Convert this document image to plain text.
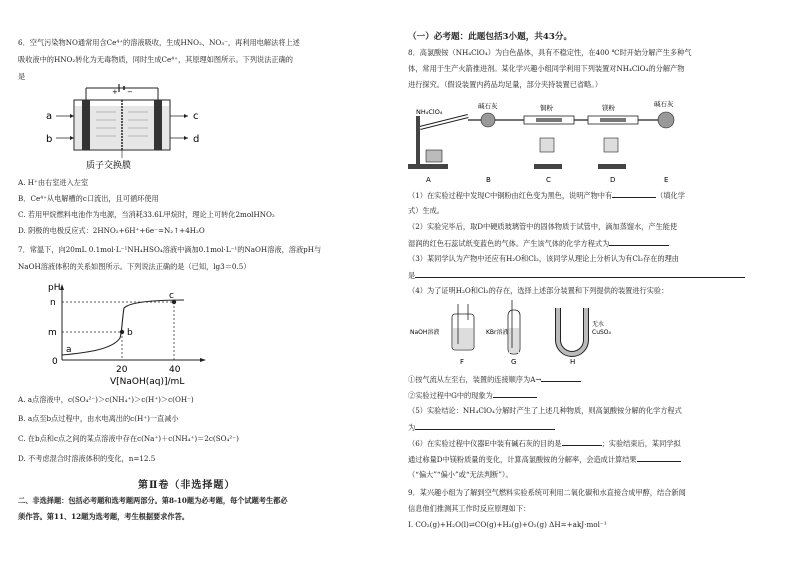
6．空气污染物NO通常用含Ce⁴⁺的溶液吸收，生成HNO₂、NO₃⁻，再利用电解法将上述
吸收液中的HNO₂转化为无毒物质，同时生成Ce⁴⁺，其原理如图所示。下列说法正确的
是
+ −
a
b
c
d
质子交换膜
A. H⁺由右室进入左室
B．Ce⁴⁺从电解槽的c口流出，且可循环使用
C. 若用甲烷燃料电池作为电源，当消耗33.6L甲烷时，理论上可转化2molHNO₂
D. 阴极的电极反应式：2HNO₂+6H⁺+6e⁻=N₂↑+4H₂O
7．常温下，向20mL 0.1mol·L⁻¹NH₄HSO₄溶液中滴加0.1mol·L⁻¹的NaOH溶液，溶液pH与
NaOH溶液体积的关系如图所示。下列说法正确的是（已知，lg3＝0.5）
pH
n
m
0
20	40
V[NaOH(aq)]/mL
a
b
c
A. a点溶液中，c(SO₄²⁻)＞c(NH₄⁺)＞c(H⁺)＞c(OH⁻)
B. a点至b点过程中，由水电离出的c(H⁺)一直减小
C. 在b点和c点之间的某点溶液中存在c(Na⁺)＋c(NH₄⁺)＝2c(SO₄²⁻)
D. 不考虑混合时溶液体积的变化，n=12.5
第Ⅱ卷（非选择题）
二、非选择题：包括必考题和选考题两部分。第8-10题为必考题，每个试题考生都必
须作答。第11、12题为选考题，考生根据要求作答。
（一）必考题：此题包括3小题，共43分。
8．高氯酸铵（NH₄ClO₄）为白色晶体，具有不稳定性，在400 ℃时开始分解产生多种气
体，常用于生产火箭推进剂。某化学兴趣小组同学利用下列装置对NH₄ClO₄的分解产物
进行探究。（假设装置内药品均足量，部分夹持装置已省略。）
NH₄ClO₄
碱石灰	铜粉	镁粉	碱石灰
A	B	C	D	E
（1）在实验过程中发现C中铜粉由红色变为黑色，说明产物中有	（填化学
式）生成。
（2）实验完毕后，取D中硬质玻璃管中的固体物质于试管中，滴加蒸馏水，产生能使
湿润的红色石蕊试纸变蓝色的气体。产生该气体的化学方程式为
（3）某同学认为产物中还应有H₂O和Cl₂，该同学从理论上分析认为有Cl₂存在的理由
是
（4）为了证明H₂O和Cl₂的存在，选择上述部分装置和下列提供的装置进行实验：
NaOH溶液	KBr溶液
无水
CuSO₄
F	G	H
①按气流从左至右，装置的连接顺序为A→
②实验过程中G中的现象为
（5）实验结论：NH₄ClO₄分解时产生了上述几种物质，则高氯酸铵分解的化学方程式
为
（6）在实验过程中仪器E中装有碱石灰的目的是	；实验结束后，某同学拟
通过称量D中镁粉质量的变化，计算高氯酸铵的分解率，会造成计算结果
（“偏大”“偏小”或“无法判断”）。
9．某兴趣小组为了解到空气燃料实验系统可利用二氧化碳和水直接合成甲醇，结合新闻
信息他们推测其工作时反应原理如下：
Ⅰ. CO₂(g)+H₂O(l)⇌CO(g)+H₂(g)+O₂(g) ΔH=+akJ·mol⁻¹
